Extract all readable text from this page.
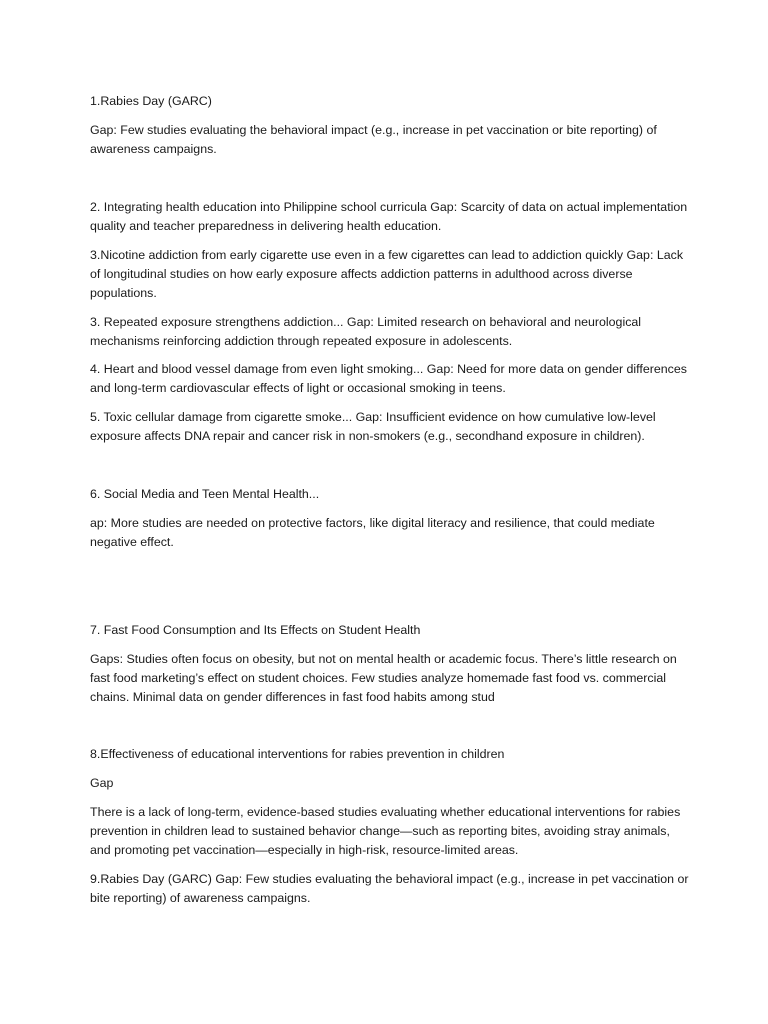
1.Rabies Day (GARC)

Gap: Few studies evaluating the behavioral impact (e.g., increase in pet vaccination or bite reporting) of awareness campaigns.

2. Integrating health education into Philippine school curricula Gap: Scarcity of data on actual implementation quality and teacher preparedness in delivering health education.

3.Nicotine addiction from early cigarette use even in a few cigarettes can lead to addiction quickly Gap: Lack of longitudinal studies on how early exposure affects addiction patterns in adulthood across diverse populations.

3. Repeated exposure strengthens addiction... Gap: Limited research on behavioral and neurological mechanisms reinforcing addiction through repeated exposure in adolescents.

4. Heart and blood vessel damage from even light smoking... Gap: Need for more data on gender differences and long-term cardiovascular effects of light or occasional smoking in teens.

5. Toxic cellular damage from cigarette smoke... Gap: Insufficient evidence on how cumulative low-level exposure affects DNA repair and cancer risk in non-smokers (e.g., secondhand exposure in children).

6. Social Media and Teen Mental Health...

ap: More studies are needed on protective factors, like digital literacy and resilience, that could mediate negative effect.

7. Fast Food Consumption and Its Effects on Student Health

Gaps: Studies often focus on obesity, but not on mental health or academic focus. There’s little research on fast food marketing’s effect on student choices. Few studies analyze homemade fast food vs. commercial chains. Minimal data on gender differences in fast food habits among stud

8.Effectiveness of educational interventions for rabies prevention in children

Gap

There is a lack of long-term, evidence-based studies evaluating whether educational interventions for rabies prevention in children lead to sustained behavior change—such as reporting bites, avoiding stray animals, and promoting pet vaccination—especially in high-risk, resource-limited areas.

9.Rabies Day (GARC) Gap: Few studies evaluating the behavioral impact (e.g., increase in pet vaccination or bite reporting) of awareness campaigns.
